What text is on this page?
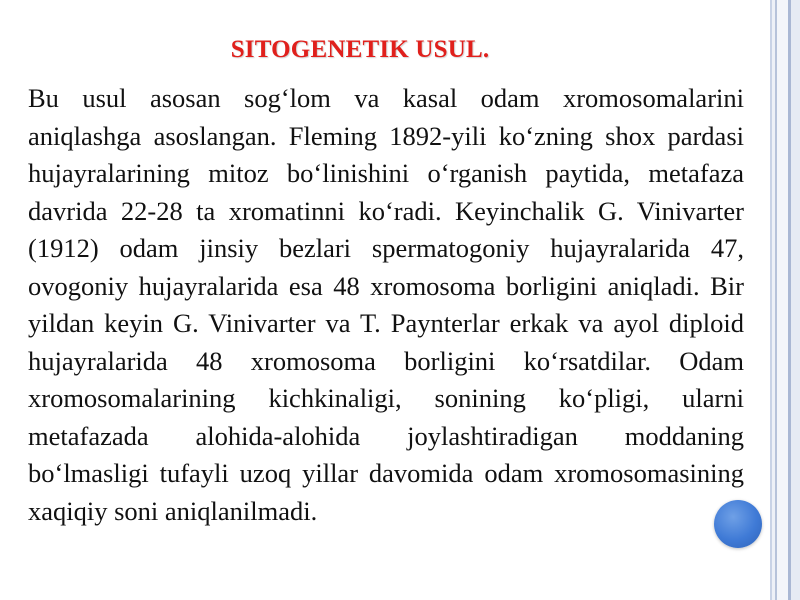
SITOGENETIK USUL.

Bu usul asosan sog‘lom va kasal odam xromosomalarini aniqlashga asoslangan. Fleming 1892-yili ko‘zning shox pardasi hujayralarining mitoz bo‘linishini o‘rganish paytida, metafaza davrida 22-28 ta xromatinni ko‘radi. Keyinchalik G. Vinivarter (1912) odam jinsiy bezlari spermatogoniy hujayralarida 47, ovogoniy hujayralarida esa 48 xromosoma borligini aniqladi. Bir yildan keyin G. Vinivarter va T. Paynterlar erkak va ayol diploid hujayralarida 48 xromosoma borligini ko‘rsatdilar. Odam xromosomalarining kichkinaligi, sonining ko‘pligi, ularni metafazada alohida-alohida joylashtiradigan moddaning bo‘lmasligi tufayli uzoq yillar davomida odam xromosomasining xaqiqiy soni aniqlanilmadi.
